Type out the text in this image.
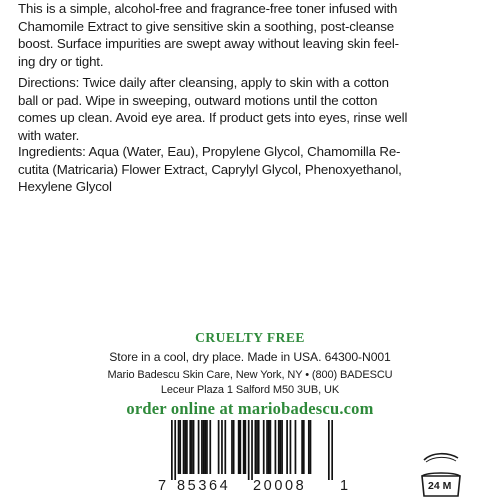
This is a simple, alcohol-free and fragrance-free toner infused with
Chamomile Extract to give sensitive skin a soothing, post-cleanse
boost. Surface impurities are swept away without leaving skin feel-
ing dry or tight.
Directions: Twice daily after cleansing, apply to skin with a cotton
ball or pad. Wipe in sweeping, outward motions until the cotton
comes up clean. Avoid eye area. If product gets into eyes, rinse well
with water.
Ingredients: Aqua (Water, Eau), Propylene Glycol, Chamomilla Re-
cutita (Matricaria) Flower Extract, Caprylyl Glycol, Phenoxyethanol,
Hexylene Glycol
CRUELTY FREE
Store in a cool, dry place. Made in USA. 64300-N001
Mario Badescu Skin Care, New York, NY • (800) BADESCU
Leceur Plaza 1 Salford M50 3UB, UK
order online at mariobadescu.com
7 85364 20008 1	24 M
